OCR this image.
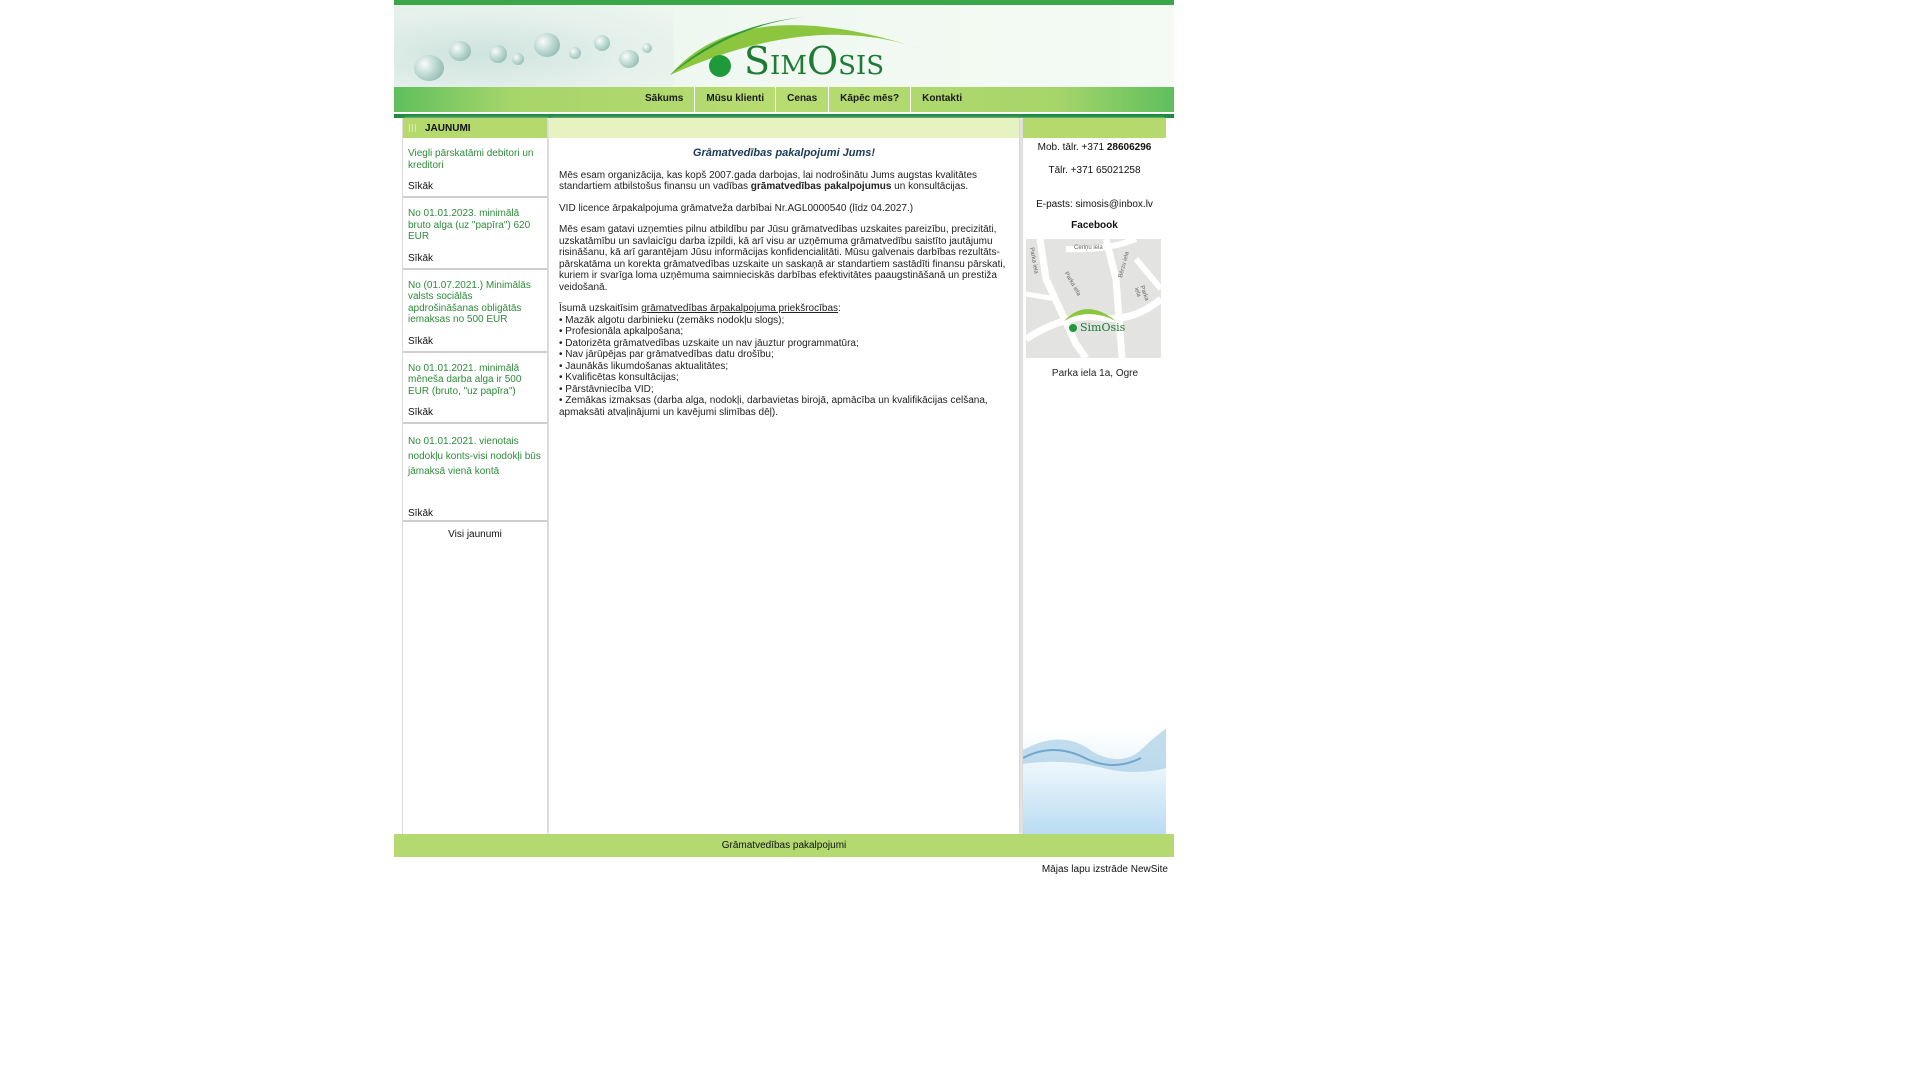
SIMOSIS
Sākums	Mūsu klienti	Cenas	Kāpēc mēs?	Kontakti
JAUNUMI
Viegli pārskatāmi debitori un kreditori
Sīkāk
No 01.01.2023. minimālā bruto alga (uz "papīra") 620 EUR
Sīkāk
No (01.07.2021.) Minimālās valsts sociālās apdrošināšanas obligātās iemaksas no 500 EUR
Sīkāk
No 01.01.2021. minimālā mēneša darba alga ir 500 EUR (bruto, "uz papīra")
Sīkāk
No 01.01.2021. vienotais nodokļu konts-visi nodokļi būs jāmaksā vienā kontā
Sīkāk
Visi jaunumi
Grāmatvedības pakalpojumi Jums!

Mēs esam organizācija, kas kopš 2007.gada darbojas, lai nodrošinātu Jums augstas kvalitātes standartiem atbilstošus finansu un vadības grāmatvedības pakalpojumus un konsultācijas.

VID licence ārpakalpojuma grāmatveža darbībai Nr.AGL0000540 (līdz 04.2027.)

Mēs esam gatavi uzņemties pilnu atbildību par Jūsu grāmatvedības uzskaites pareizību, precizitāti, uzskatāmību un savlaicīgu darba izpildi, kā arī visu ar uzņēmuma grāmatvedību saistīto jautājumu risināšanu, kā arī garantējam Jūsu informācijas konfidencialitāti. Mūsu galvenais darbības rezultāts- pārskatāma un korekta grāmatvedības uzskaite un saskaņā ar standartiem sastādīti finansu pārskati, kuriem ir svarīga loma uzņēmuma saimnieciskās darbības efektivitātes paaugstināšanā un prestiža veidošanā.

Īsumā uzskaitīsim grāmatvedības ārpakalpojuma priekšrocības:
• Mazāk algotu darbinieku (zemāks nodokļu slogs);
• Profesionāla apkalpošana;
• Datorizēta grāmatvedības uzskaite un nav jāuztur programmatūra;
• Nav jārūpējas par grāmatvedības datu drošību;
• Jaunākās likumdošanas aktualitātes;
• Kvalificētas konsultācijas;
• Pārstāvniecība VID;
• Zemākas izmaksas (darba alga, nodokļi, darbavietas birojā, apmācība un kvalifikācijas celšana, apmaksāti atvaļinājumi un kavējumi slimības dēļ).
Mob. tālr. +371 28606296
Tālr. +371 65021258
E-pasts: simosis@inbox.lv
Facebook
Parka iela	Ceriņu iela
Parka iela
Bērzu iela
Parka iela
SimOsis
Parka iela 1a, Ogre
Grāmatvedības pakalpojumi
Mājas lapu izstrāde NewSite
